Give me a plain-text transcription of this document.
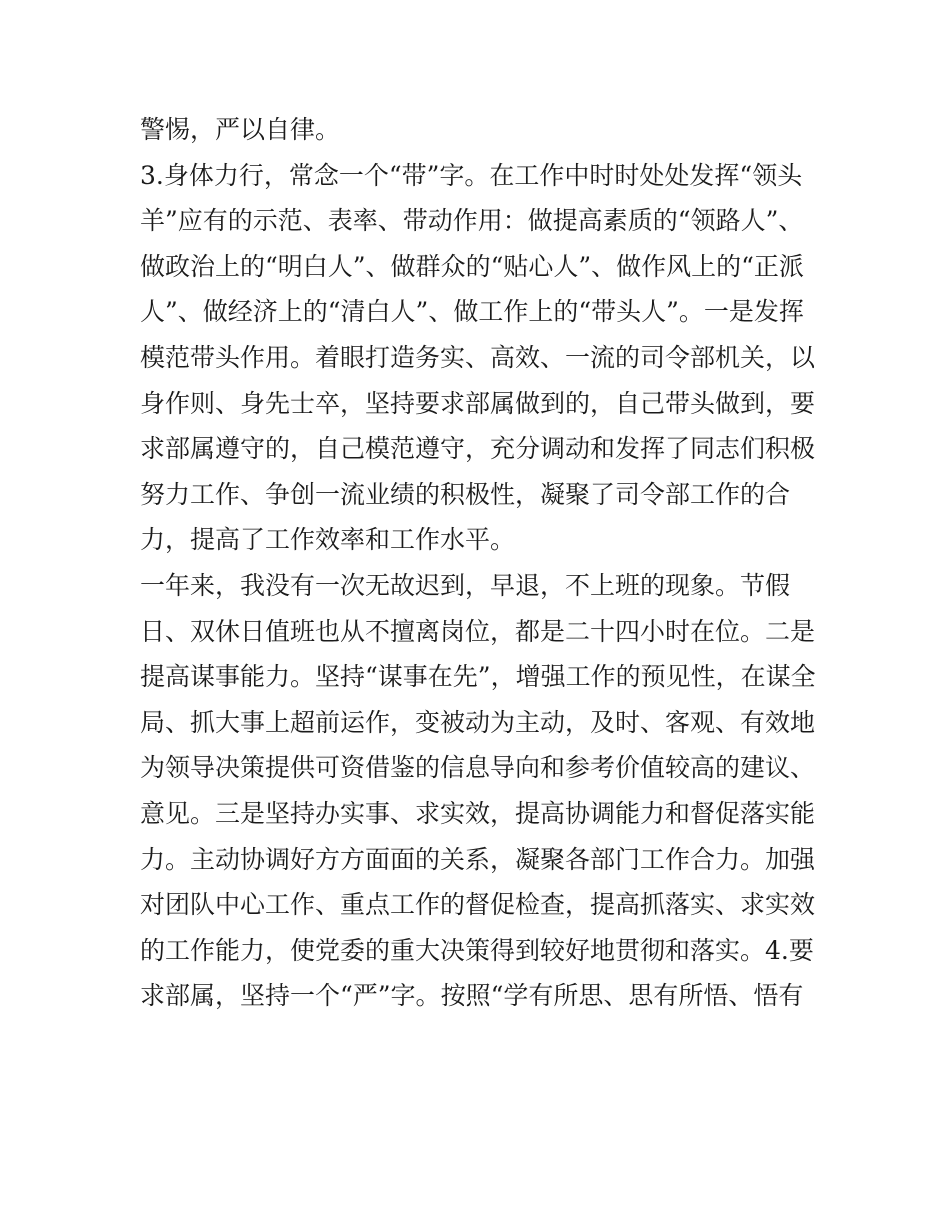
警惕，严以自律。
3.身体力行，常念一个“带”字。在工作中时时处处发挥“领头
羊”应有的示范、表率、带动作用：做提高素质的“领路人”、
做政治上的“明白人”、做群众的“贴心人”、做作风上的“正派
人”、做经济上的“清白人”、做工作上的“带头人”。一是发挥
模范带头作用。着眼打造务实、高效、一流的司令部机关，以
身作则、身先士卒，坚持要求部属做到的，自己带头做到，要
求部属遵守的，自己模范遵守，充分调动和发挥了同志们积极
努力工作、争创一流业绩的积极性，凝聚了司令部工作的合
力，提高了工作效率和工作水平。
一年来，我没有一次无故迟到，早退，不上班的现象。节假
日、双休日值班也从不擅离岗位，都是二十四小时在位。二是
提高谋事能力。坚持“谋事在先”，增强工作的预见性，在谋全
局、抓大事上超前运作，变被动为主动，及时、客观、有效地
为领导决策提供可资借鉴的信息导向和参考价值较高的建议、
意见。三是坚持办实事、求实效，提高协调能力和督促落实能
力。主动协调好方方面面的关系，凝聚各部门工作合力。加强
对团队中心工作、重点工作的督促检查，提高抓落实、求实效
的工作能力，使党委的重大决策得到较好地贯彻和落实。4.要
求部属，坚持一个“严”字。按照“学有所思、思有所悟、悟有
